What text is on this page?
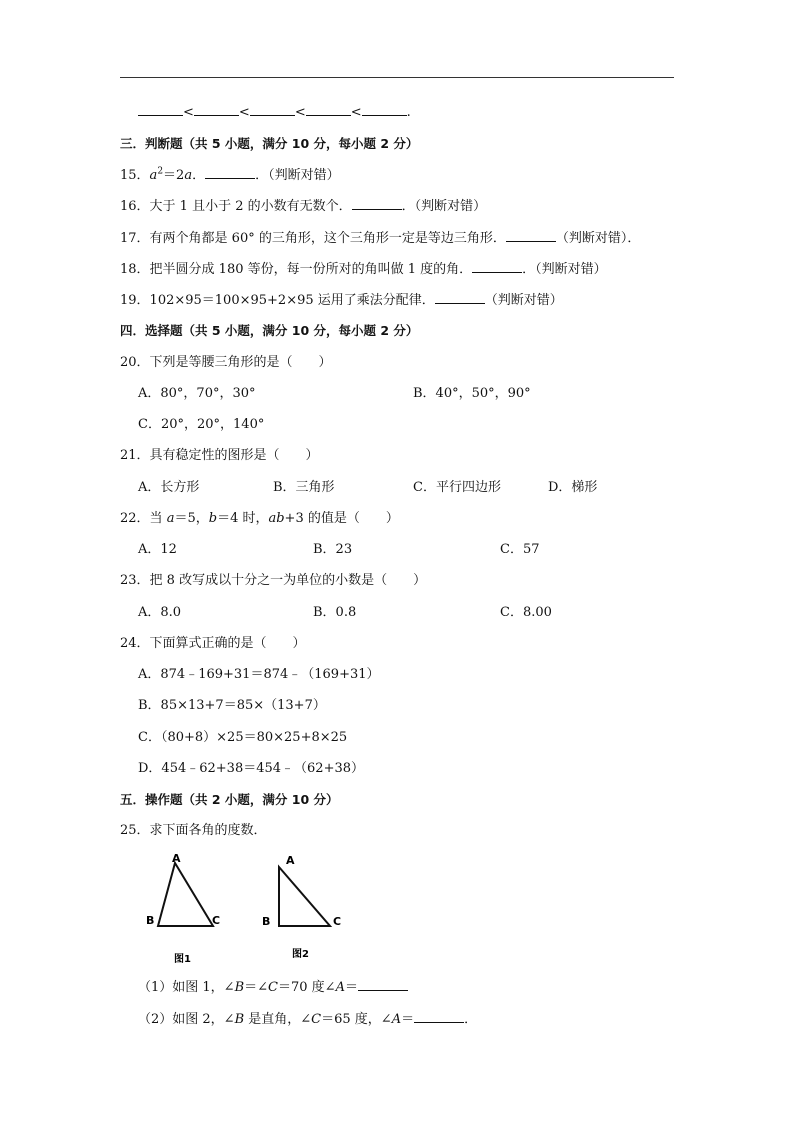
<	<	<	<	.
三．判断题（共 5 小题，满分 10 分，每小题 2 分）
15．$a^2=2a$．	．（判断对错）
16．大于 1 且小于 2 的小数有无数个．	．（判断对错）
17．有两个角都是 60° 的三角形，这个三角形一定是等边三角形．	（判断对错）．
18．把半圆分成 180 等份，每一份所对的角叫做 1 度的角．	．（判断对错）
19．102×95＝100×95+2×95 运用了乘法分配律．	（判断对错）
四．选择题（共 5 小题，满分 10 分，每小题 2 分）
20．下列是等腰三角形的是（　　）
A．80°，70°，30°	B．40°，50°，90°
C．20°，20°，140°
21．具有稳定性的图形是（　　）
A．长方形	B．三角形	C．平行四边形	D．梯形
22．当 a＝5，b＝4 时，ab+3 的值是（　　）
A．12	B．23	C．57
23．把 8 改写成以十分之一为单位的小数是（　　）
A．8.0	B．0.8	C．8.00
24．下面算式正确的是（　　）
A．874﹣169+31＝874﹣（169+31）
B．85×13+7＝85×（13+7）
C．（80+8）×25＝80×25+8×25
D．454﹣62+38＝454﹣（62+38）
五．操作题（共 2 小题，满分 10 分）
25．求下面各角的度数．
A
B	C
图1
A
B	C
图2
（1）如图 1，∠B＝∠C＝70 度∠A＝
（2）如图 2，∠B 是直角，∠C＝65 度，∠A＝	．
